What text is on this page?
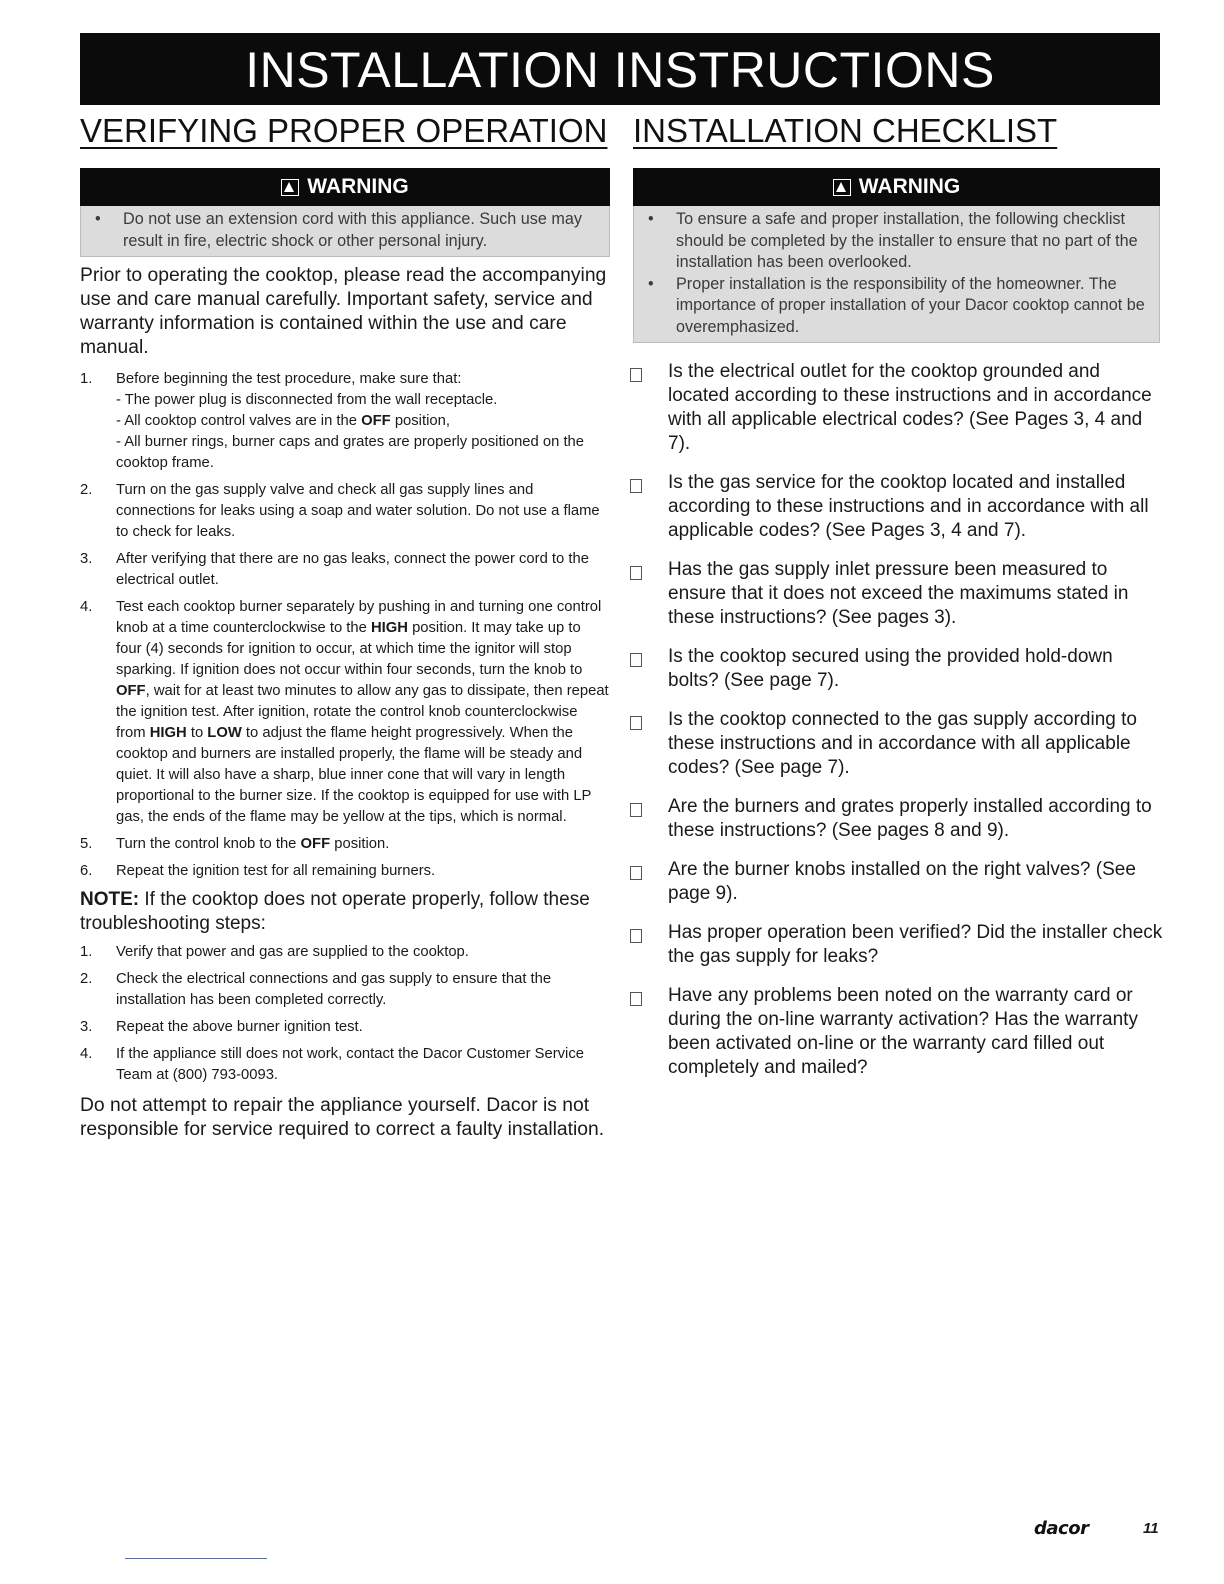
INSTALLATION INSTRUCTIONS
VERIFYING PROPER OPERATION INSTALLATION CHECKLIST
WARNING
•	Do not use an extension cord with this appliance. Such use may result in fire, electric shock or other personal injury.
WARNING
•	To ensure a safe and proper installation, the following checklist should be completed by the installer to ensure that no part of the installation has been overlooked.
•	Proper installation is the responsibility of the homeowner. The importance of proper installation of your Dacor cooktop cannot be overemphasized.

Prior to operating the cooktop, please read the accompanying use and care manual carefully. Important safety, service and warranty information is contained within the use and care manual.

1.	Before beginning the test procedure, make sure that:
- The power plug is disconnected from the wall receptacle.
- All cooktop control valves are in the OFF position,
- All burner rings, burner caps and grates are properly positioned on the cooktop frame.
2.	Turn on the gas supply valve and check all gas supply lines and connections for leaks using a soap and water solution. Do not use a flame to check for leaks.
3.	After verifying that there are no gas leaks, connect the power cord to the electrical outlet.
4.	Test each cooktop burner separately by pushing in and turning one control knob at a time counterclockwise to the HIGH position. It may take up to four (4) seconds for ignition to occur, at which time the ignitor will stop sparking. If ignition does not occur within four seconds, turn the knob to OFF, wait for at least two minutes to allow any gas to dissipate, then repeat the ignition test. After ignition, rotate the control knob counterclockwise from HIGH to LOW to adjust the flame height progressively. When the cooktop and burners are installed properly, the flame will be steady and quiet. It will also have a sharp, blue inner cone that will vary in length proportional to the burner size. If the cooktop is equipped for use with LP gas, the ends of the flame may be yellow at the tips, which is normal.
5.	Turn the control knob to the OFF position.
6.	Repeat the ignition test for all remaining burners.

NOTE: If the cooktop does not operate properly, follow these troubleshooting steps:

1.	Verify that power and gas are supplied to the cooktop.
2.	Check the electrical connections and gas supply to ensure that the installation has been completed correctly.
3.	Repeat the above burner ignition test.
4.	If the appliance still does not work, contact the Dacor Customer Service Team at (800) 793-0093.

Do not attempt to repair the appliance yourself. Dacor is not responsible for service required to correct a faulty installation.

Is the electrical outlet for the cooktop grounded and located according to these instructions and in accordance with all applicable electrical codes? (See Pages 3, 4 and 7).
Is the gas service for the cooktop located and installed according to these instructions and in accordance with all applicable codes? (See Pages 3, 4 and 7).
Has the gas supply inlet pressure been measured to ensure that it does not exceed the maximums stated in these instructions? (See pages 3).
Is the cooktop secured using the provided hold-down bolts? (See page 7).
Is the cooktop connected to the gas supply according to these instructions and in accordance with all applicable codes? (See page 7).
Are the burners and grates properly installed according to these instructions? (See pages 8 and 9).
Are the burner knobs installed on the right valves? (See page 9).
Has proper operation been verified? Did the installer check the gas supply for leaks?
Have any problems been noted on the warranty card or during the on-line warranty activation? Has the warranty been activated on-line or the warranty card filled out completely and mailed?
dacor	11
